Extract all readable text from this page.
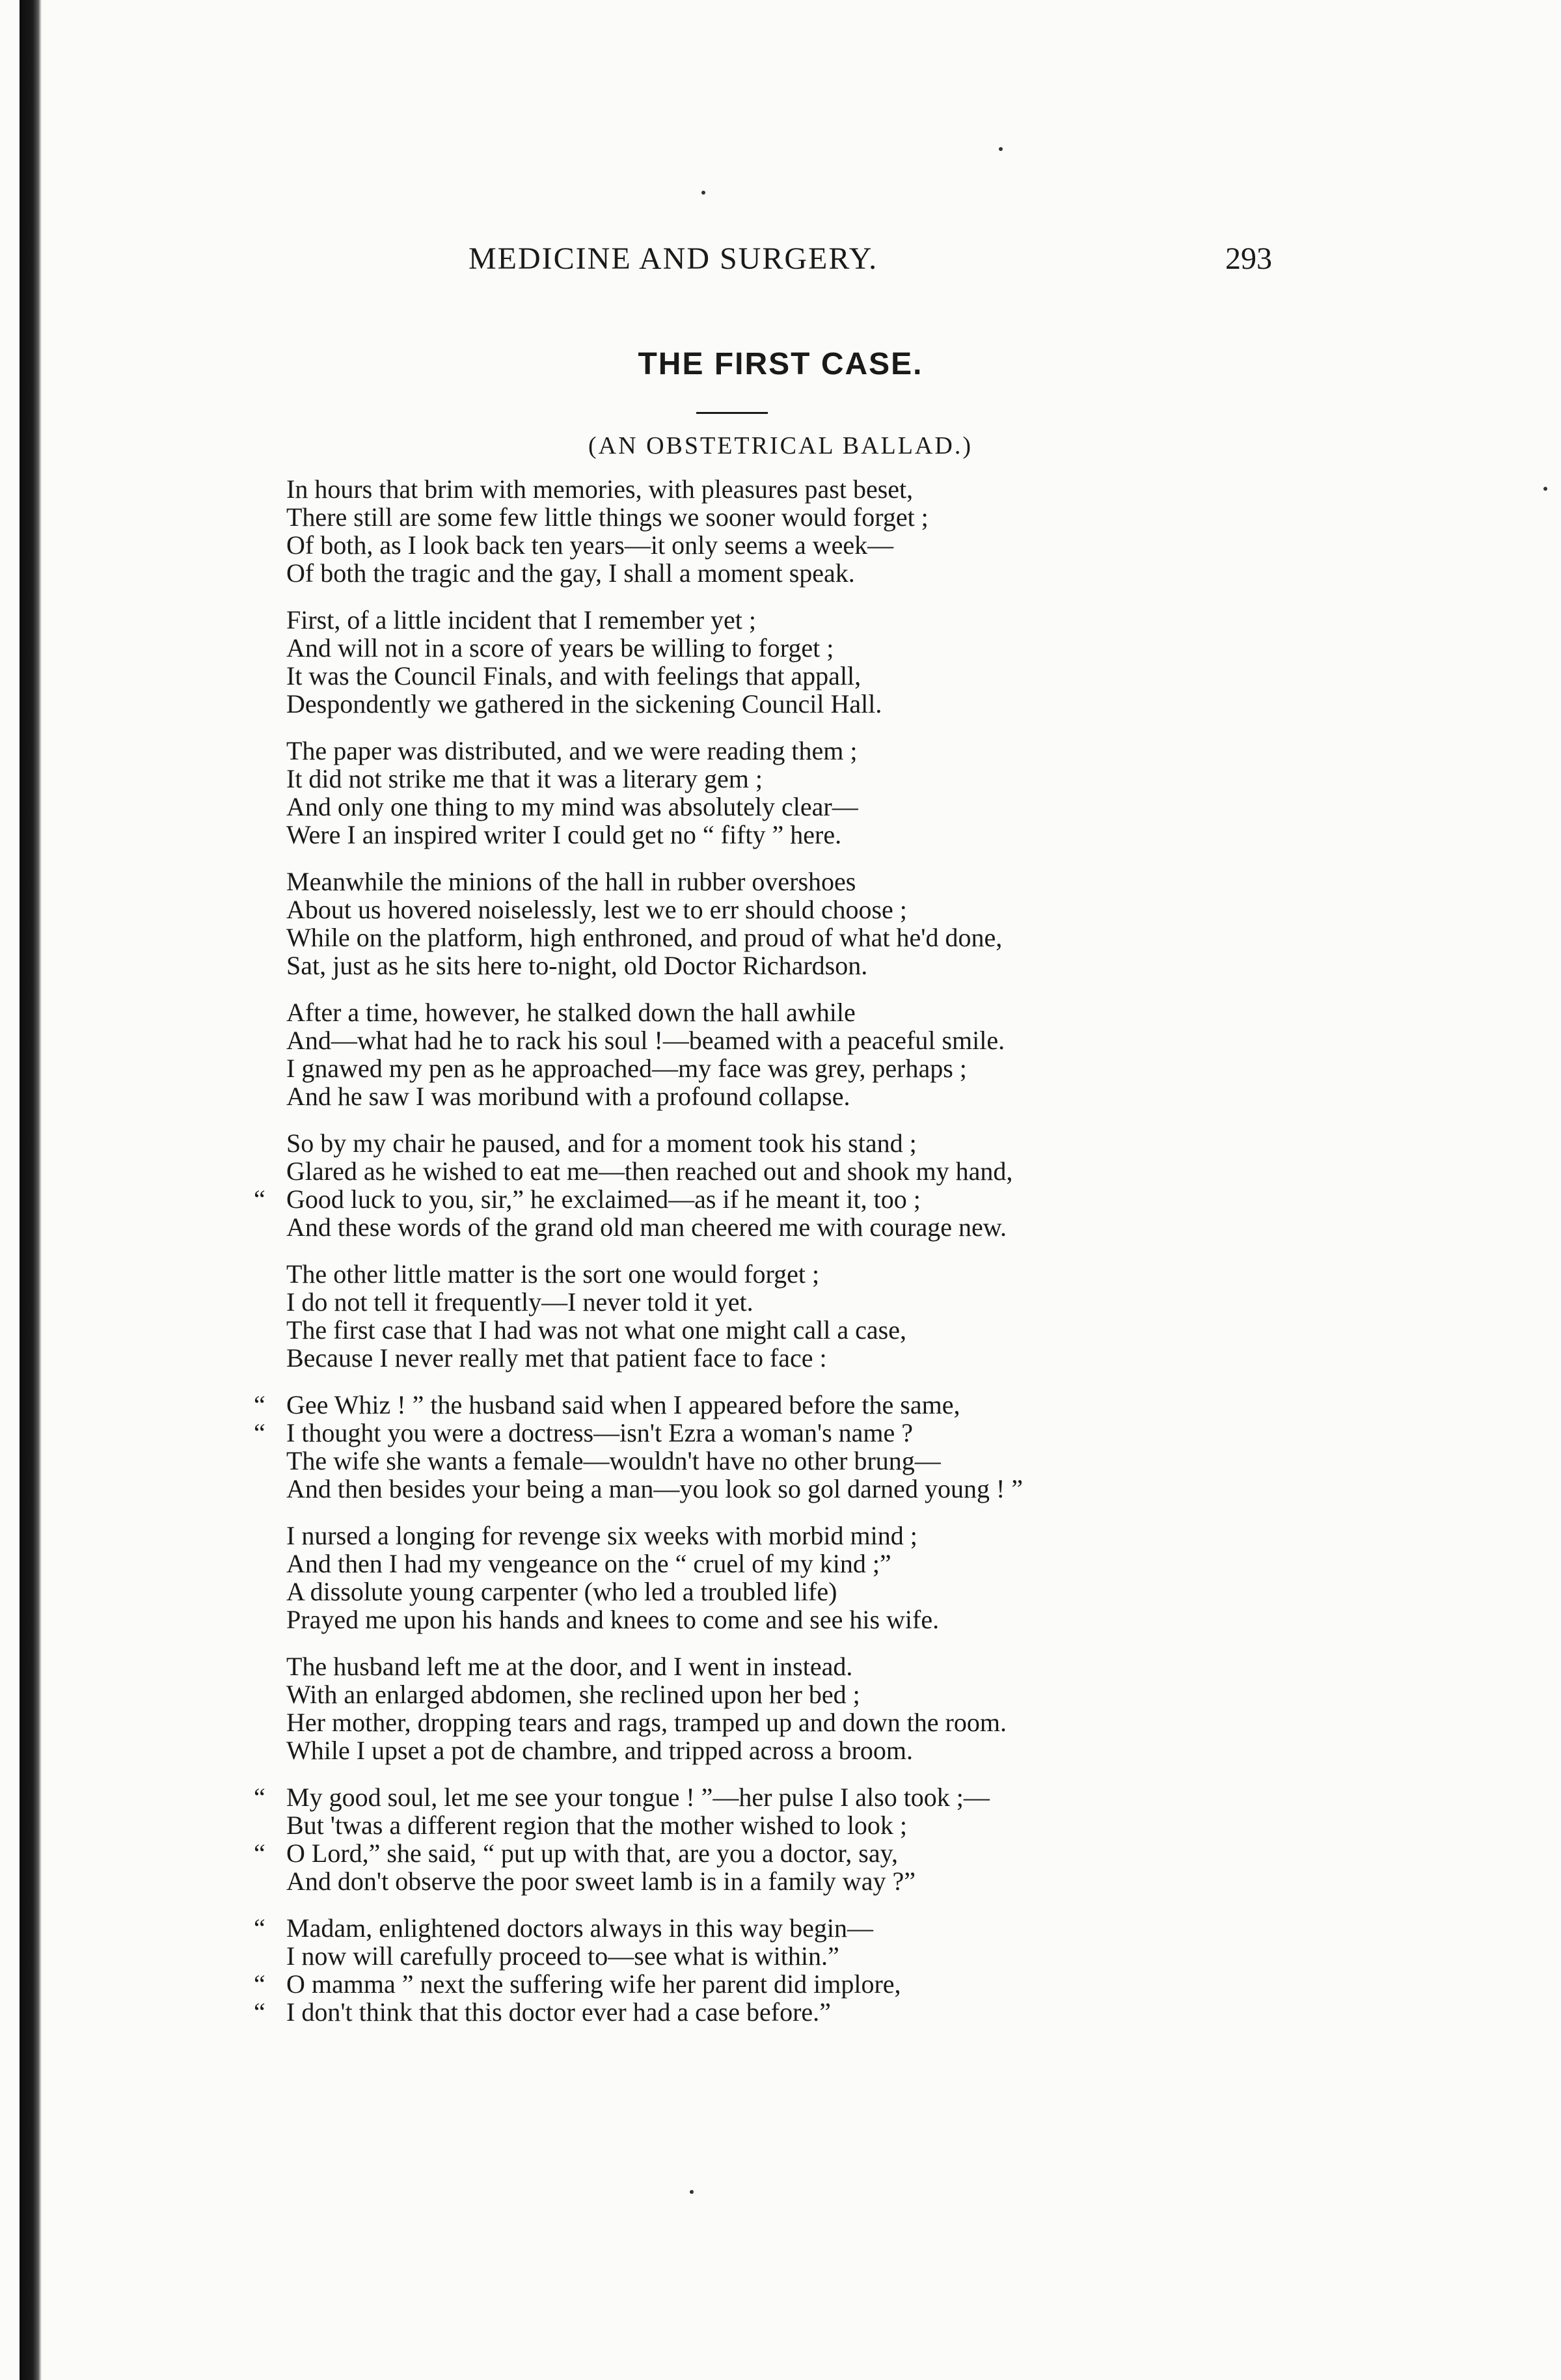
MEDICINE AND SURGERY.	293
THE FIRST CASE.
(AN OBSTETRICAL BALLAD.)
In hours that brim with memories, with pleasures past beset,
There still are some few little things we sooner would forget ;
Of both, as I look back ten years—it only seems a week—
Of both the tragic and the gay, I shall a moment speak.
First, of a little incident that I remember yet ;
And will not in a score of years be willing to forget ;
It was the Council Finals, and with feelings that appall,
Despondently we gathered in the sickening Council Hall.
The paper was distributed, and we were reading them ;
It did not strike me that it was a literary gem ;
And only one thing to my mind was absolutely clear—
Were I an inspired writer I could get no “ fifty ” here.
Meanwhile the minions of the hall in rubber overshoes
About us hovered noiselessly, lest we to err should choose ;
While on the platform, high enthroned, and proud of what he'd done,
Sat, just as he sits here to-night, old Doctor Richardson.
After a time, however, he stalked down the hall awhile
And—what had he to rack his soul !—beamed with a peaceful smile.
I gnawed my pen as he approached—my face was grey, perhaps ;
And he saw I was moribund with a profound collapse.
So by my chair he paused, and for a moment took his stand ;
Glared as he wished to eat me—then reached out and shook my hand,
“ Good luck to you, sir,” he exclaimed—as if he meant it, too ;
And these words of the grand old man cheered me with courage new.
The other little matter is the sort one would forget ;
I do not tell it frequently—I never told it yet.
The first case that I had was not what one might call a case,
Because I never really met that patient face to face :
“ Gee Whiz ! ” the husband said when I appeared before the same,
“ I thought you were a doctress—isn't Ezra a woman's name ?
The wife she wants a female—wouldn't have no other brung—
And then besides your being a man—you look so gol darned young ! ”
I nursed a longing for revenge six weeks with morbid mind ;
And then I had my vengeance on the “ cruel of my kind ;”
A dissolute young carpenter (who led a troubled life)
Prayed me upon his hands and knees to come and see his wife.
The husband left me at the door, and I went in instead.
With an enlarged abdomen, she reclined upon her bed ;
Her mother, dropping tears and rags, tramped up and down the room.
While I upset a pot de chambre, and tripped across a broom.
“ My good soul, let me see your tongue ! ”—her pulse I also took ;—
But 'twas a different region that the mother wished to look ;
“ O Lord,” she said, “ put up with that, are you a doctor, say,
And don't observe the poor sweet lamb is in a family way ?”
“ Madam, enlightened doctors always in this way begin—
I now will carefully proceed to—see what is within.”
“ O mamma ” next the suffering wife her parent did implore,
“ I don't think that this doctor ever had a case before.”
